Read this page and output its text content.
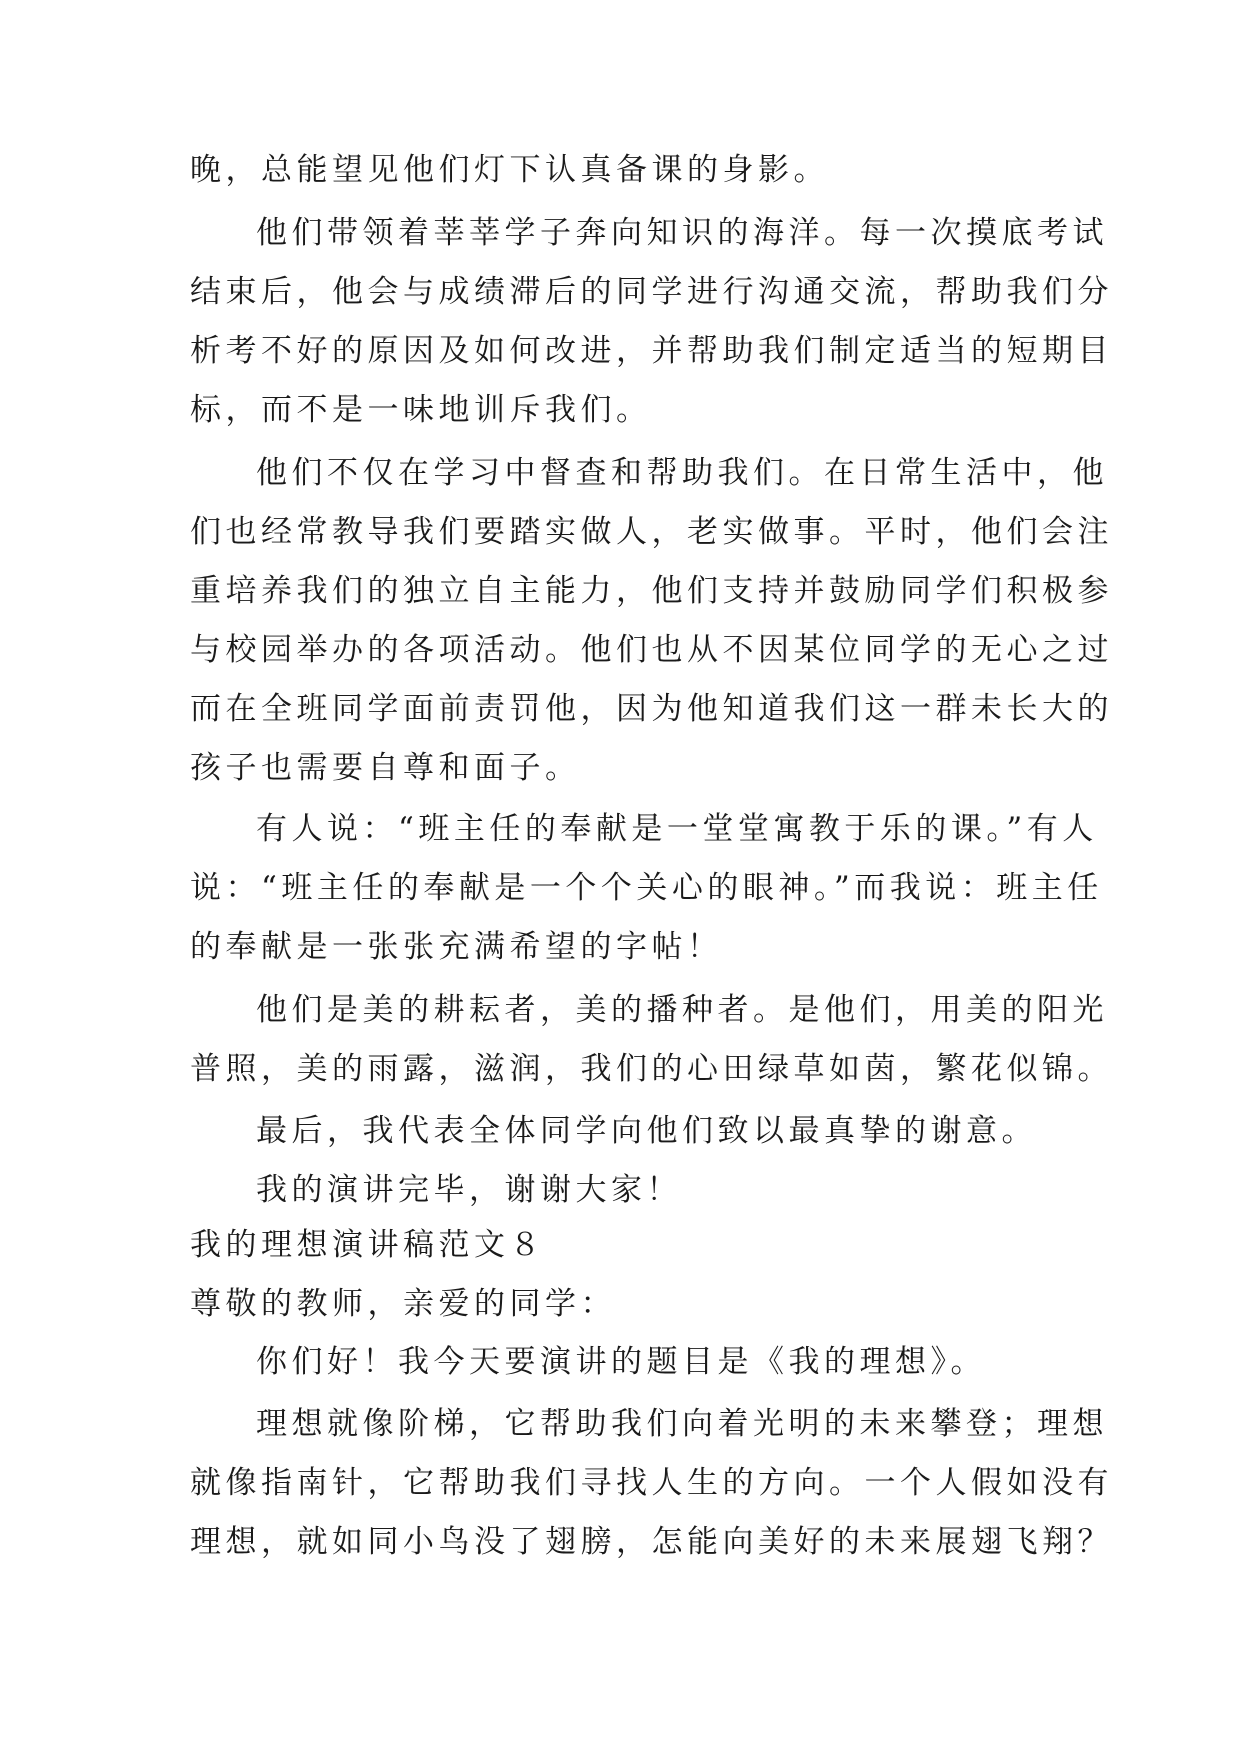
晚，总能望见他们灯下认真备课的身影。
他们带领着莘莘学子奔向知识的海洋。每一次摸底考试
结束后，他会与成绩滞后的同学进行沟通交流，帮助我们分
析考不好的原因及如何改进，并帮助我们制定适当的短期目
标，而不是一味地训斥我们。
他们不仅在学习中督查和帮助我们。在日常生活中，他
们也经常教导我们要踏实做人，老实做事。平时，他们会注
重培养我们的独立自主能力，他们支持并鼓励同学们积极参
与校园举办的各项活动。他们也从不因某位同学的无心之过
而在全班同学面前责罚他，因为他知道我们这一群未长大的
孩子也需要自尊和面子。
有人说：“班主任的奉献是一堂堂寓教于乐的课。”有人
说：“班主任的奉献是一个个关心的眼神。”而我说：班主任
的奉献是一张张充满希望的字帖！
他们是美的耕耘者，美的播种者。是他们，用美的阳光
普照，美的雨露，滋润，我们的心田绿草如茵，繁花似锦。
最后，我代表全体同学向他们致以最真挚的谢意。
我的演讲完毕，谢谢大家！
我的理想演讲稿范文８
尊敬的教师，亲爱的同学：
你们好！我今天要演讲的题目是《我的理想》。
理想就像阶梯，它帮助我们向着光明的未来攀登；理想
就像指南针，它帮助我们寻找人生的方向。一个人假如没有
理想，就如同小鸟没了翅膀，怎能向美好的未来展翅飞翔？
